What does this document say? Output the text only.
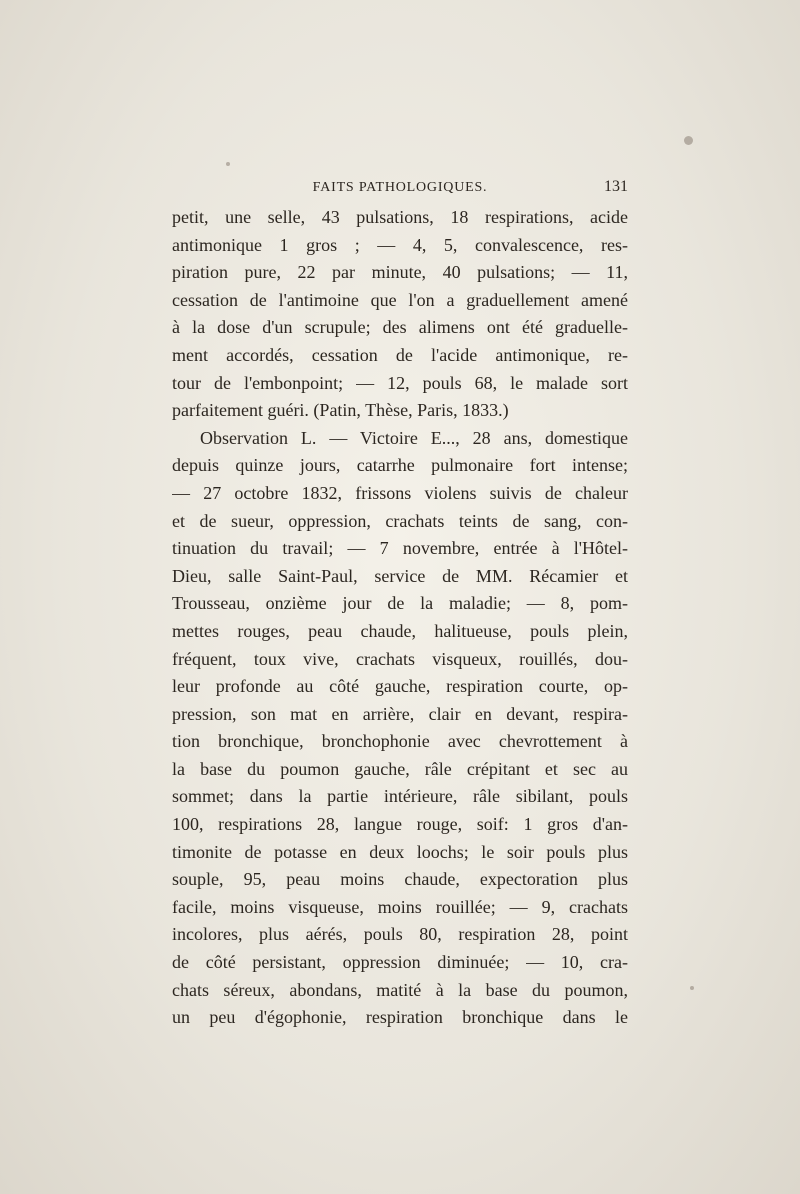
FAITS PATHOLOGIQUES.	131
petit, une selle, 43 pulsations, 18 respirations, acide
antimonique 1 gros ; — 4, 5, convalescence, res-
piration pure, 22 par minute, 40 pulsations; — 11,
cessation de l'antimoine que l'on a graduellement amené
à la dose d'un scrupule; des alimens ont été graduelle-
ment accordés, cessation de l'acide antimonique, re-
tour de l'embonpoint; — 12, pouls 68, le malade sort
parfaitement guéri. (Patin, Thèse, Paris, 1833.)
Observation L. — Victoire E..., 28 ans, domestique
depuis quinze jours, catarrhe pulmonaire fort intense;
— 27 octobre 1832, frissons violens suivis de chaleur
et de sueur, oppression, crachats teints de sang, con-
tinuation du travail; — 7 novembre, entrée à l'Hôtel-
Dieu, salle Saint-Paul, service de MM. Récamier et
Trousseau, onzième jour de la maladie; — 8, pom-
mettes rouges, peau chaude, halitueuse, pouls plein,
fréquent, toux vive, crachats visqueux, rouillés, dou-
leur profonde au côté gauche, respiration courte, op-
pression, son mat en arrière, clair en devant, respira-
tion bronchique, bronchophonie avec chevrottement à
la base du poumon gauche, râle crépitant et sec au
sommet; dans la partie intérieure, râle sibilant, pouls
100, respirations 28, langue rouge, soif: 1 gros d'an-
timonite de potasse en deux loochs; le soir pouls plus
souple, 95, peau moins chaude, expectoration plus
facile, moins visqueuse, moins rouillée; — 9, crachats
incolores, plus aérés, pouls 80, respiration 28, point
de côté persistant, oppression diminuée; — 10, cra-
chats séreux, abondans, matité à la base du poumon,
un peu d'égophonie, respiration bronchique dans le
